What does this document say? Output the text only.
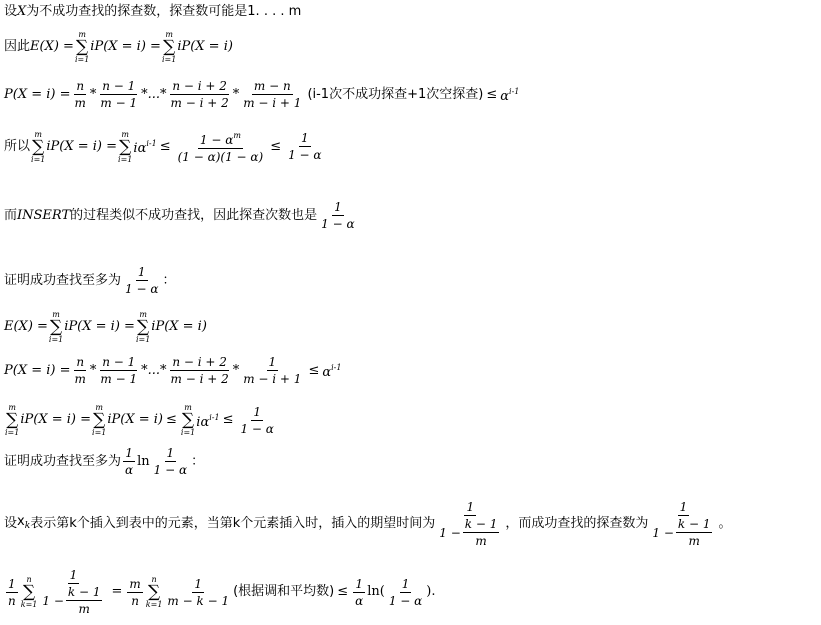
设 X 为不成功查找的探查数，探查数可能是1. . . . m
因此 E(X) =
m
∑
i=1
iP(X = i) =
m
∑
i=1
iP(X = i)
$P(X = i) = \frac{n}{m} * \frac{n - 1}{m - 1}$ *...* $\frac{n - i + 2}{m - i + 2} * \frac{m - n}{m - i + 1} (i-1$次不成功探查+1次空探查) ≤ $\alpha^{i-1}$
所以
m
∑
i=1
iP(X = i) =
m
∑
i=1
$i\alpha^{i-1} \le \frac{1 - \alpha^m}{(1 - \alpha)(1 - \alpha)} \le \frac{1}{1 - \alpha}$
而 INSERT 的过程类似不成功查找，因此探查次数也是 $\frac{1}{1 - \alpha}$
证明成功查找至多为 $\frac{1}{1 - \alpha}$ ：
E(X) =
m
∑
i=1
iP(X = i) =
m
∑
i=1
iP(X = i)
$P(X = i) = \frac{n}{m} * \frac{n - 1}{m - 1}$ *...* $\frac{n - i + 2}{m - i + 2} * \frac{1}{m - i + 1} \le \alpha^{i-1}$
m
∑
i=1
iP(X = i) =
m
∑
i=1
iP(X = i) ≤
m
∑
i=1
$i\alpha^{i-1} \le \frac{1}{1 - \alpha}$
证明成功查找至多为 $\frac{1}{\alpha}$ $\ln \frac{1}{1 - \alpha}$ ：
设 $x_k$ 表示第k个插入到表中的元素，当第k个元素插入时，插入的期望时间为 $\frac{1}{1 - \frac{k - 1}{m}}$ ，而成功查找的探查数为 $\frac{1}{1 - \frac{k - 1}{m}}$ 。
$\frac{1}{n}$ n
∑
$k=1 \frac{1}{1 - \frac{k - 1}{m}} = \frac{m}{n}$ n
∑
$k=1 \frac{1}{m - k - 1}$ (根据调和平均数) ≤ $\frac{1}{\alpha}$ ln ( $\frac{1}{1 - \alpha}$ ).
